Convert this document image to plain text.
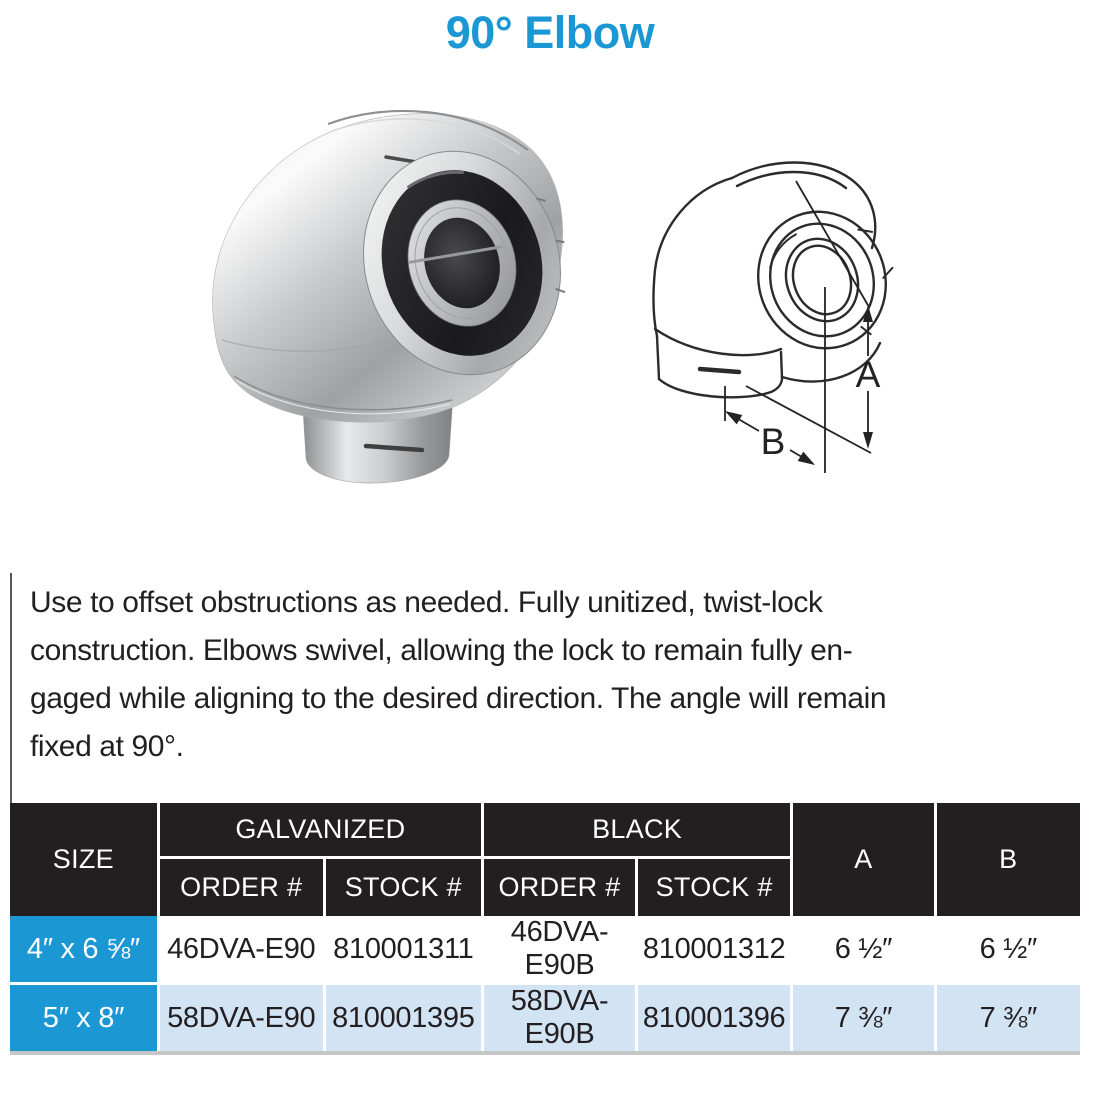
90° Elbow
A
B
Use to offset obstructions as needed. Fully unitized, twist-lock
construction. Elbows swivel, allowing the lock to remain fully en-
gaged while aligning to the desired direction. The angle will remain
fixed at 90°.
SIZE	GALVANIZED		BLACK		A	B
	ORDER #	STOCK #	ORDER #	STOCK #		
4″ x 6 ⅝″	46DVA-E90	810001311	46DVA-E90B	810001312	6 ½″	6 ½″
5″ x 8″	58DVA-E90	810001395	58DVA-E90B	810001396	7 ⅜″	7 ⅜″
